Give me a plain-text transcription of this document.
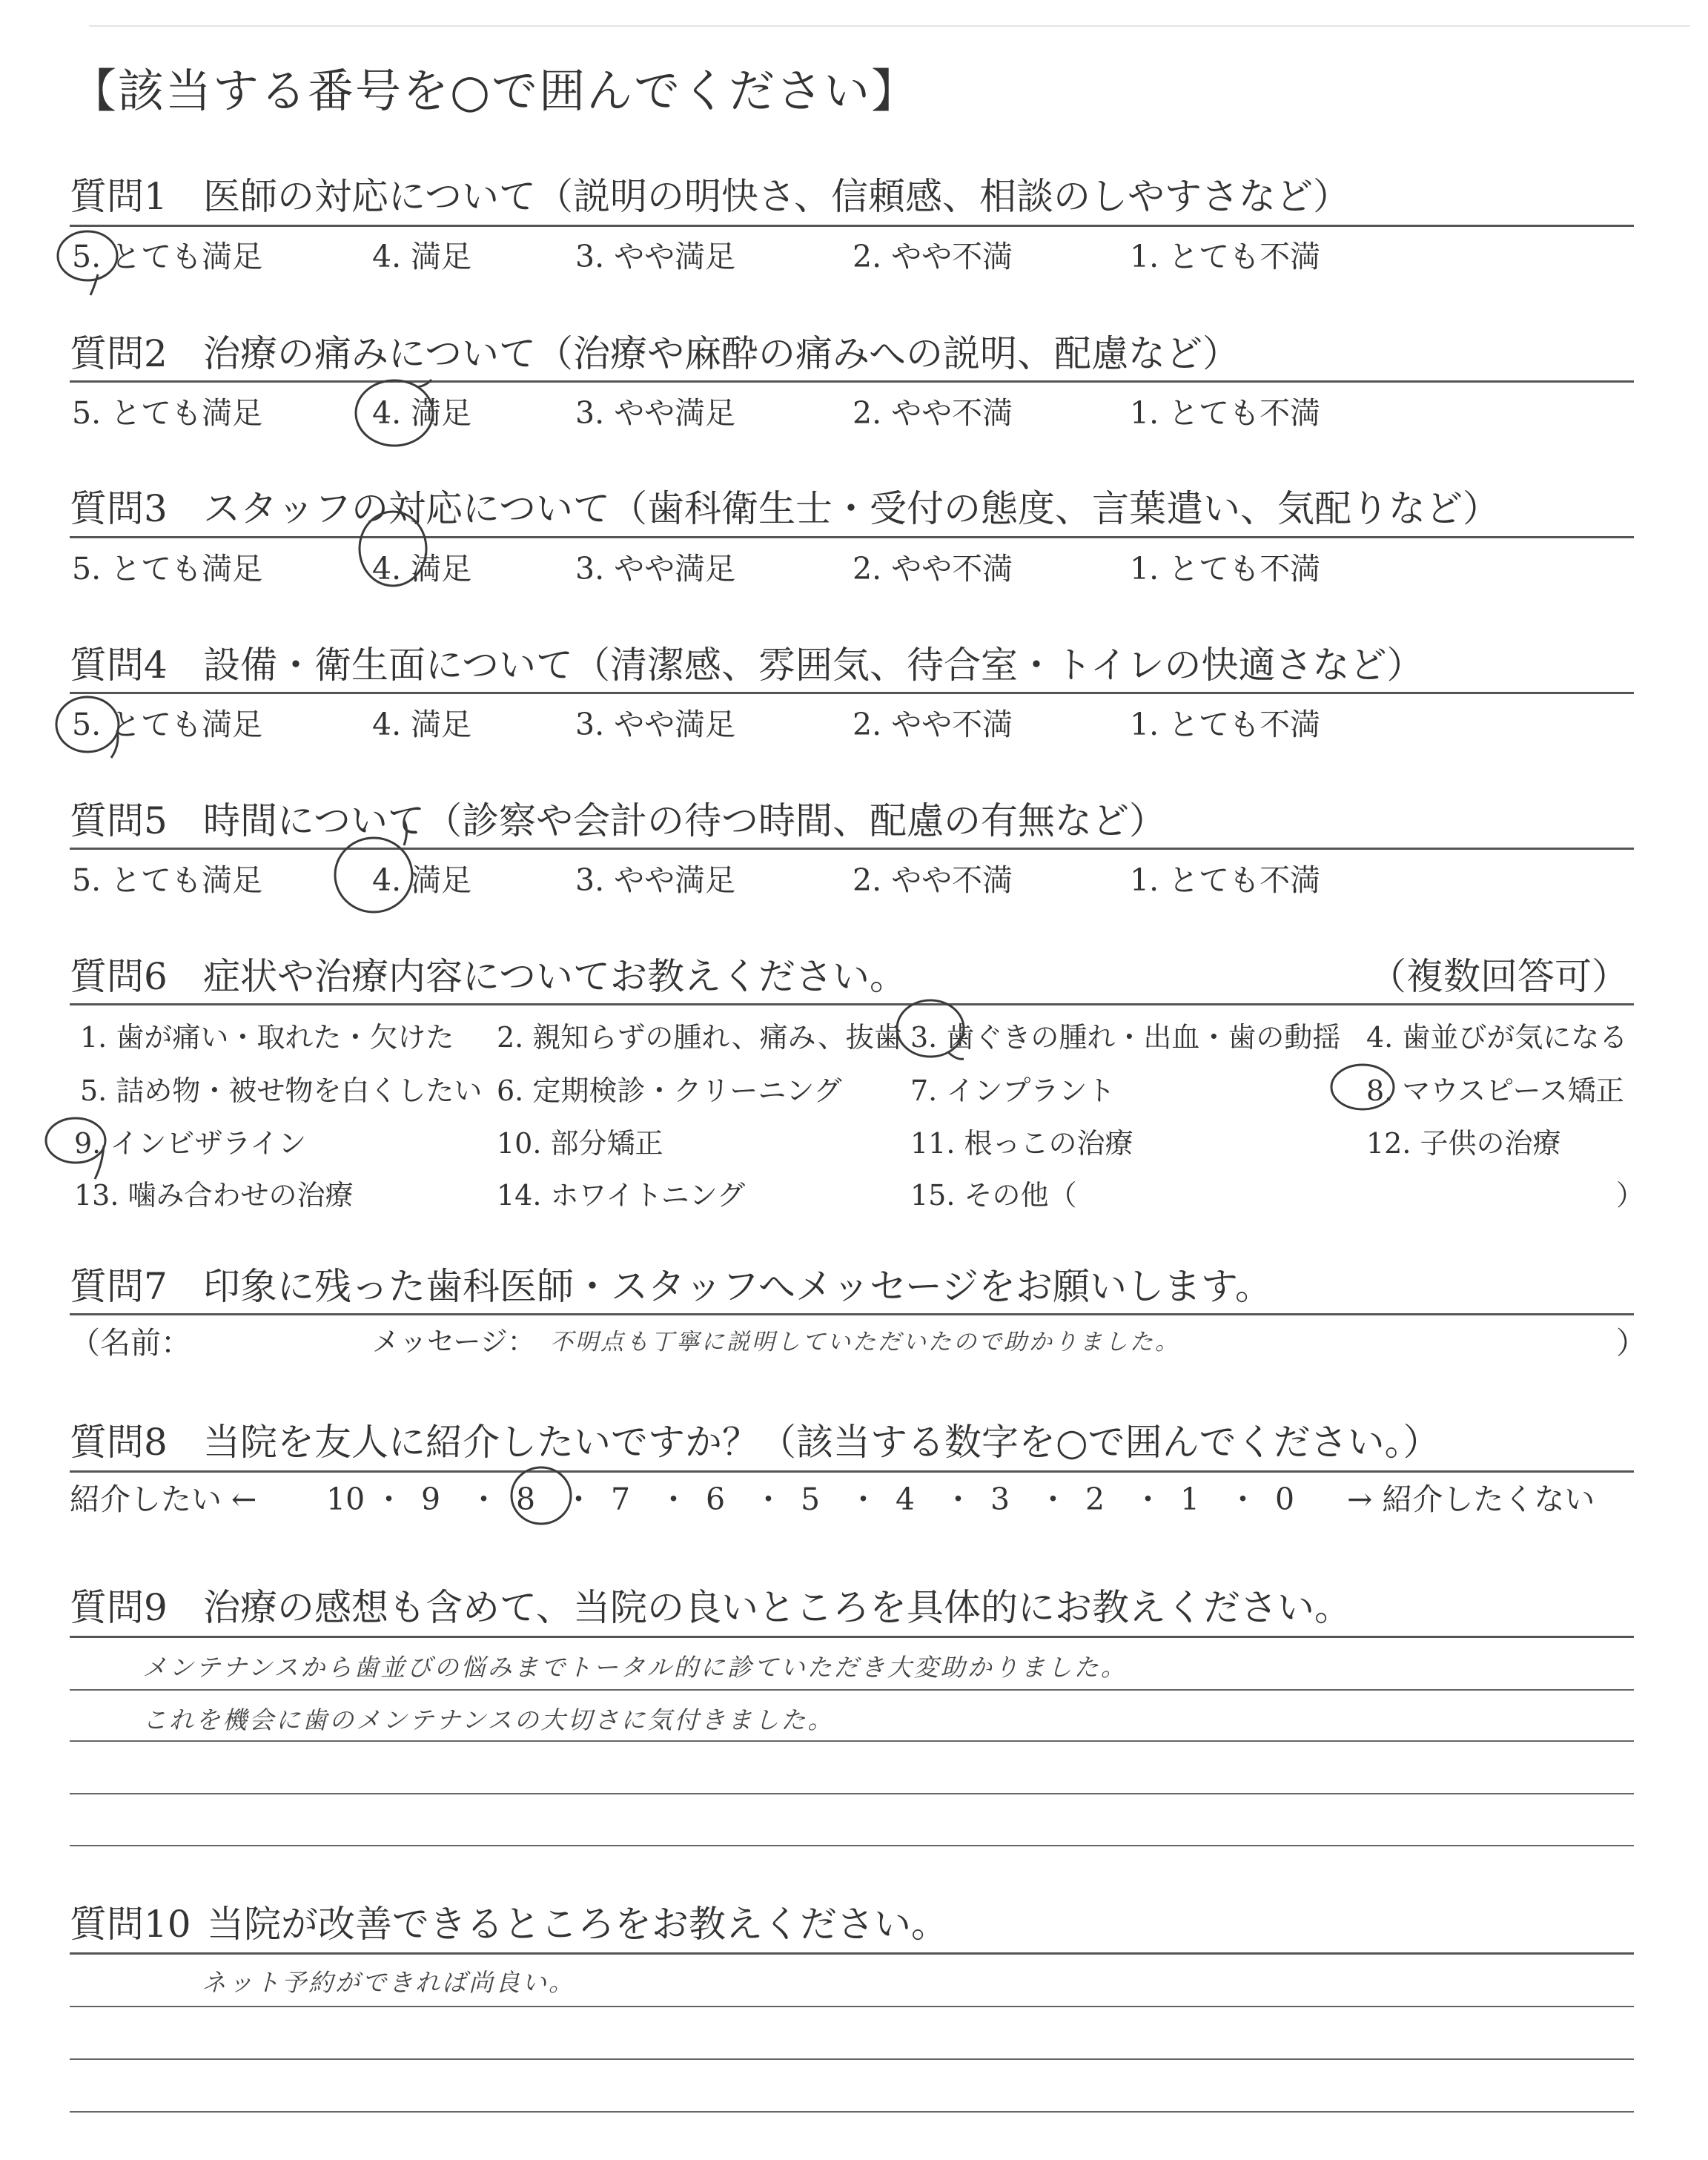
【該当する番号を○で囲んでください】
質問1 医師の対応について（説明の明快さ、信頼感、相談のしやすさなど）
5. とても満足	4. 満足	3. やや満足	2. やや不満	1. とても不満
質問2 治療の痛みについて（治療や麻酔の痛みへの説明、配慮など）
5. とても満足	4. 満足	3. やや満足	2. やや不満	1. とても不満
質問3 スタッフの対応について（歯科衛生士・受付の態度、言葉遣い、気配りなど）
5. とても満足	4. 満足	3. やや満足	2. やや不満	1. とても不満
質問4 設備・衛生面について（清潔感、雰囲気、待合室・トイレの快適さなど）
5. とても満足	4. 満足	3. やや満足	2. やや不満	1. とても不満
質問5 時間について（診察や会計の待つ時間、配慮の有無など）
5. とても満足	4. 満足	3. やや満足	2. やや不満	1. とても不満
質問6 症状や治療内容についてお教えください。	（複数回答可）
1. 歯が痛い・取れた・欠けた 2. 親知らずの腫れ、痛み、抜歯 3. 歯ぐきの腫れ・出血・歯の動揺 4. 歯並びが気になる
5. 詰め物・被せ物を白くしたい 6. 定期検診・クリーニング 7. インプラント	8. マウスピース矯正
9. インビザライン	10. 部分矯正	11. 根っこの治療	12. 子供の治療
13. 噛み合わせの治療	14. ホワイトニング	15. その他（	）
質問7 印象に残った歯科医師・スタッフへメッセージをお願いします。
（名前：	メッセージ： 不明点も丁寧に説明していただいたので助かりました。	）
質問8 当院を友人に紹介したいですか？（該当する数字を○で囲んでください。）
紹介したい ← 10 ・ 9 ・ 8 ・ 7 ・ 6 ・ 5 ・ 4 ・ 3 ・ 2 ・ 1 ・ 0 → 紹介したくない
質問9 治療の感想も含めて、当院の良いところを具体的にお教えください。
メンテナンスから歯並びの悩みまでトータル的に診ていただき大変助かりました。
これを機会に歯のメンテナンスの大切さに気付きました。
質問10 当院が改善できるところをお教えください。
ネット予約ができれば尚良い。
